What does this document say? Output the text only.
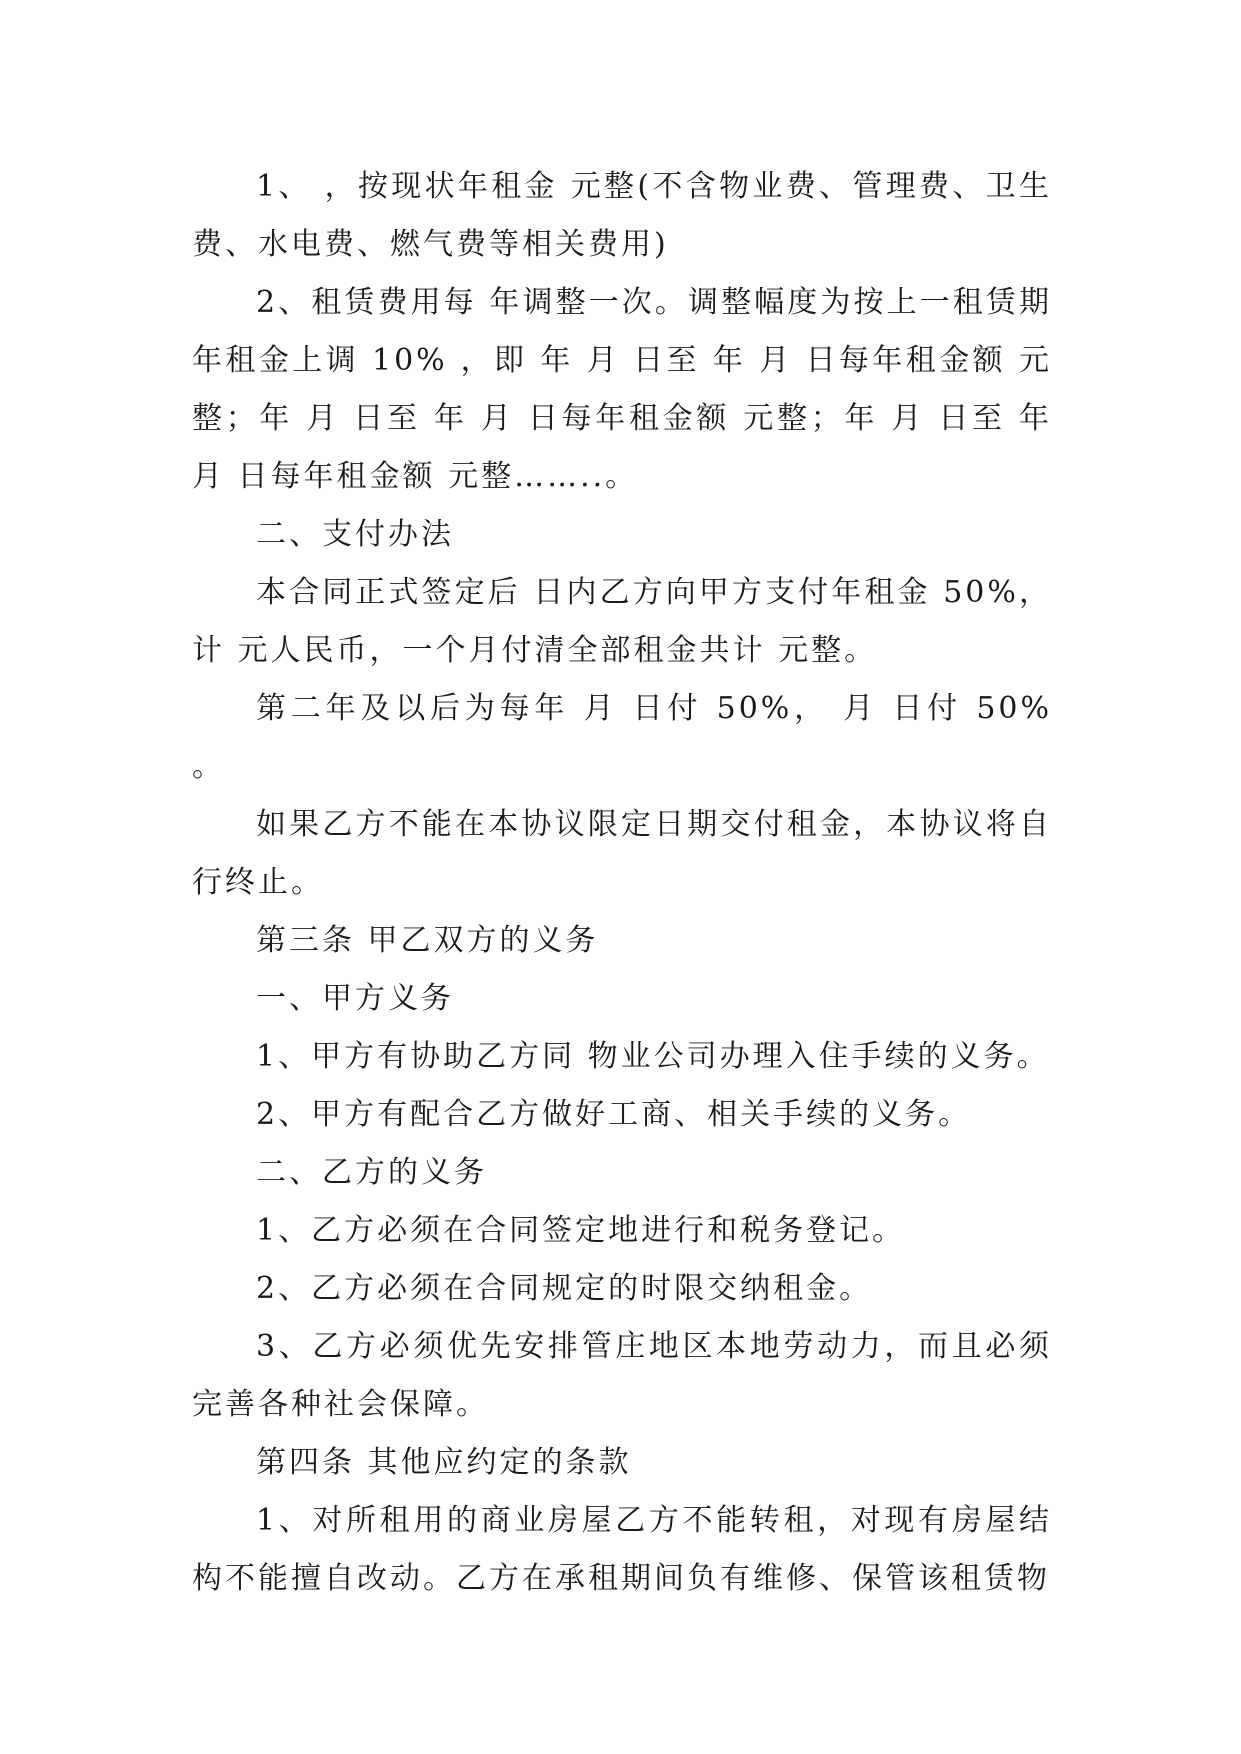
1、 ，按现状年租金 元整(不含物业费、管理费、卫生费、水电费、燃气费等相关费用)

2、租赁费用每 年调整一次。调整幅度为按上一租赁期年租金上调 10% ，即 年 月 日至 年 月 日每年租金额 元整；年 月 日至 年 月 日每年租金额 元整；年 月 日至 年 月 日每年租金额 元整……..。

二、支付办法

本合同正式签定后 日内乙方向甲方支付年租金 50%，计 元人民币，一个月付清全部租金共计 元整。

第二年及以后为每年 月 日付 50%， 月 日付 50% 。

如果乙方不能在本协议限定日期交付租金，本协议将自行终止。

第三条 甲乙双方的义务

一、甲方义务

1、甲方有协助乙方同 物业公司办理入住手续的义务。

2、甲方有配合乙方做好工商、相关手续的义务。

二、乙方的义务

1、乙方必须在合同签定地进行和税务登记。

2、乙方必须在合同规定的时限交纳租金。

3、乙方必须优先安排管庄地区本地劳动力，而且必须完善各种社会保障。

第四条 其他应约定的条款

1、对所租用的商业房屋乙方不能转租，对现有房屋结构不能擅自改动。乙方在承租期间负有维修、保管该租赁物
